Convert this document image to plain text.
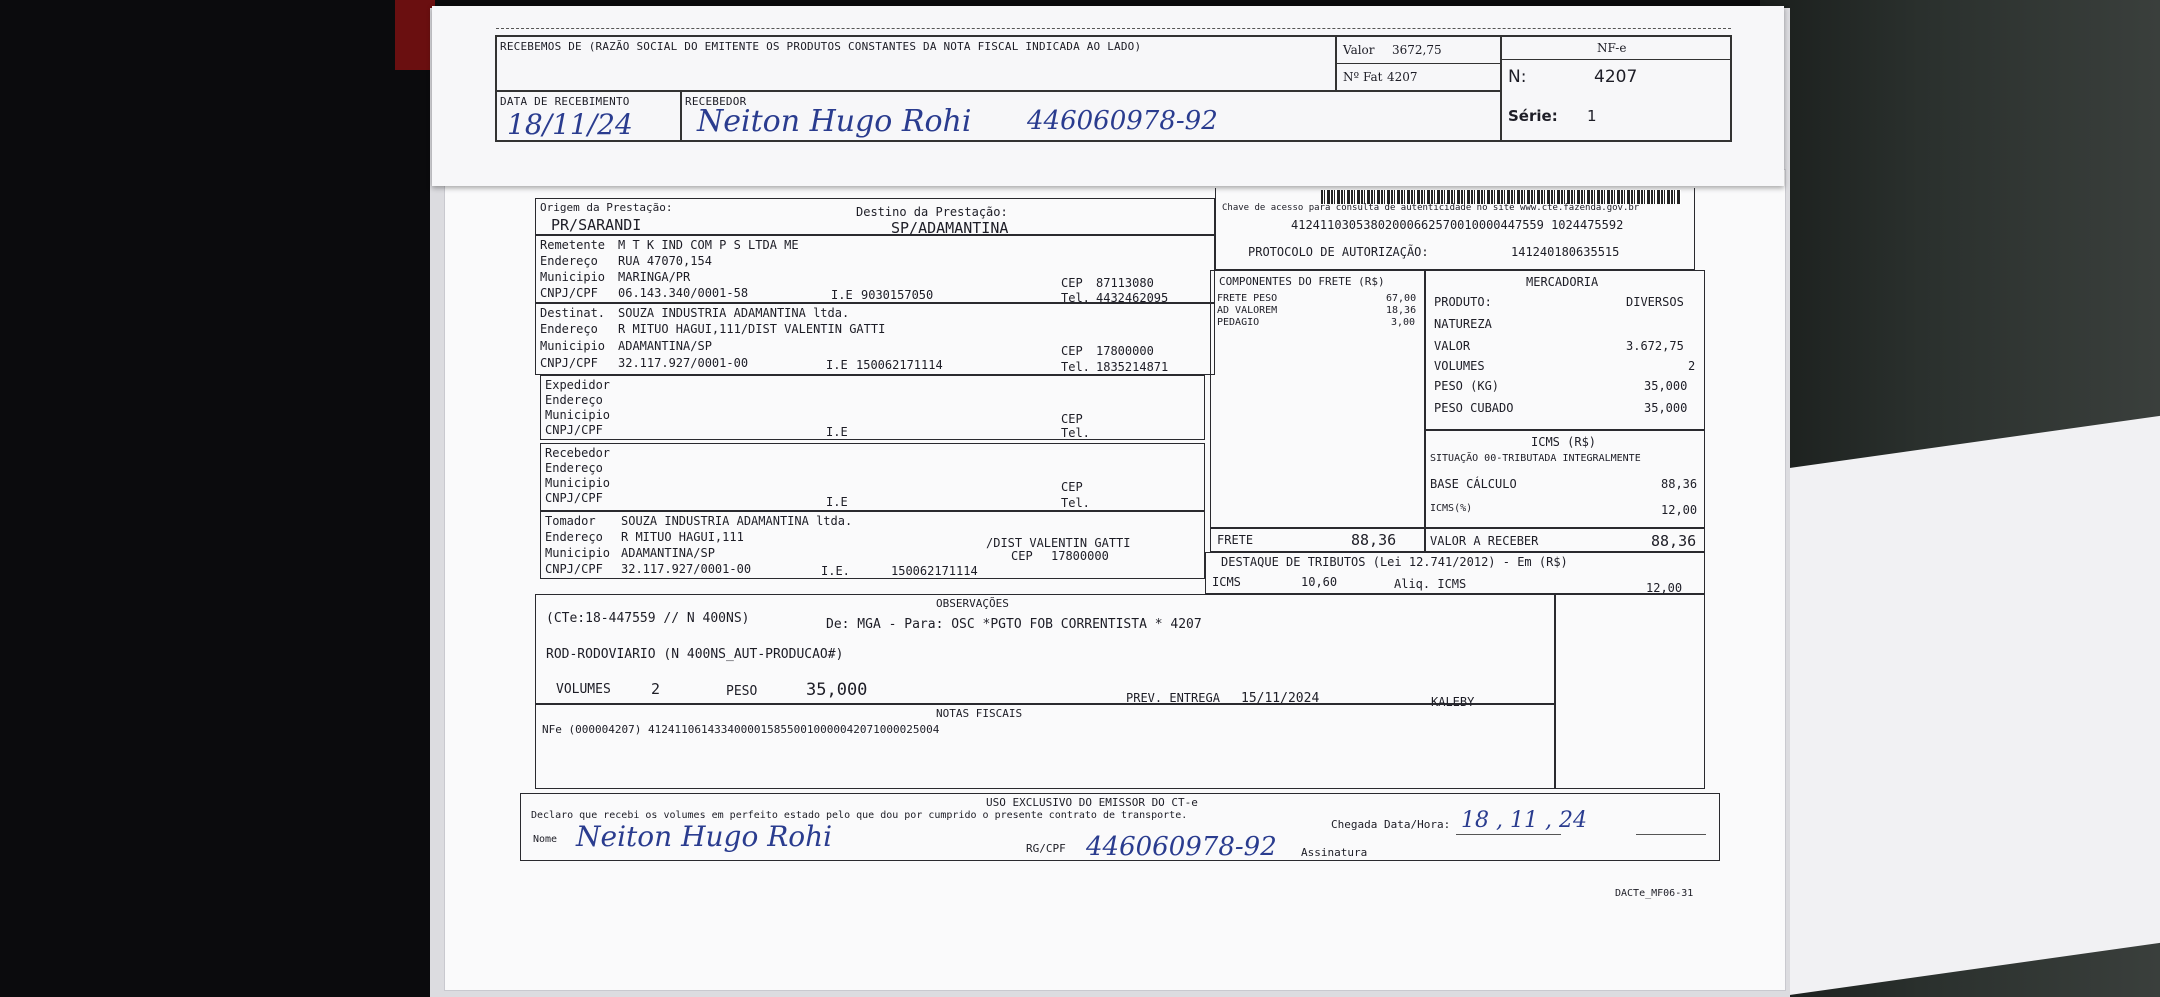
RECEBEMOS DE (RAZÃO SOCIAL DO EMITENTE OS PRODUTOS CONSTANTES DA NOTA FISCAL INDICADA AO LADO)	Valor 3672,75
Nº Fat 4207
NF-e
N:	4207
Série: 1
DATA DE RECEBIMENTO
18/11/24
RECEBEDOR
Neiton Hugo Rohi 446060978-92
Origem da Prestação:
PR/SARANDI
Destino da Prestação:
SP/ADAMANTINA
Chave de acesso para consulta de autenticidade no site www.cte.fazenda.gov.br
41241103053802000662570010000447559 1024475592
PROTOCOLO DE AUTORIZAÇÃO:	141240180635515
Remetente M T K IND COM P S LTDA ME
Endereço RUA 47070,154
Municipio MARINGA/PR
CNPJ/CPF 06.143.340/0001-58	I.E 9030157050
CEP 87113080
Tel. 4432462095
Destinat. SOUZA INDUSTRIA ADAMANTINA ltda.
Endereço R MITUO HAGUI,111/DIST VALENTIN GATTI
Municipio ADAMANTINA/SP
CNPJ/CPF 32.117.927/0001-00	I.E 150062171114
CEP 17800000
Tel. 1835214871
Expedidor
Endereço
Municipio
CNPJ/CPF	I.E
CEP
Tel.
Recebedor
Endereço
Municipio
CNPJ/CPF	I.E
CEP
Tel.
Tomador SOUZA INDUSTRIA ADAMANTINA ltda.
Endereço R MITUO HAGUI,111	/DIST VALENTIN GATTI
Municipio ADAMANTINA/SP
CNPJ/CPF 32.117.927/0001-00	I.E.	150062171114
CEP 17800000
COMPONENTES DO FRETE (R$)
FRETE PESO	67,00
AD VALOREM	18,36
PEDAGIO	3,00
FRETE	88,36
MERCADORIA
PRODUTO:	DIVERSOS
NATUREZA
VALOR	3.672,75
VOLUMES	2
PESO (KG)	35,000
PESO CUBADO	35,000
ICMS (R$)
SITUAÇÃO 00-TRIBUTADA INTEGRALMENTE
BASE CÁLCULO	88,36
ICMS(%)	12,00
VALOR A RECEBER	88,36
DESTAQUE DE TRIBUTOS (Lei 12.741/2012) - Em (R$)
ICMS	10,60	Aliq. ICMS	12,00
OBSERVAÇÕES
(CTe:18-447559 // N 400NS)	De: MGA - Para: OSC *PGTO FOB CORRENTISTA * 4207
ROD-RODOVIARIO (N 400NS_AUT-PRODUCAO#)
VOLUMES	2	PESO	35,000	PREV. ENTREGA 15/11/2024	KALEBY
NOTAS FISCAIS
NFe (000004207) 41241106143340000158550010000042071000025004
USO EXCLUSIVO DO EMISSOR DO CT-e
Declaro que recebi os volumes em perfeito estado pelo que dou por cumprido o presente contrato de transporte.
Nome Neiton Hugo Rohi	RG/CPF 446060978-92
Chegada Data/Hora: 18 , 11 , 24
Assinatura
DACTe_MF06-31
